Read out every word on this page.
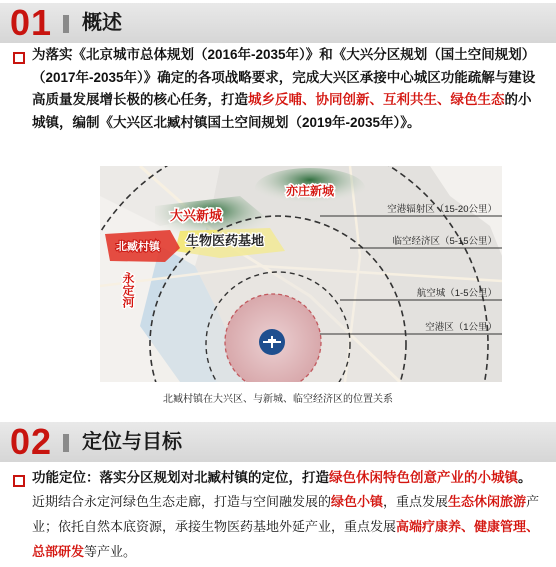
01 概述
为落实《北京城市总体规划（2016年-2035年）》和《大兴分区规划（国土空间规划）（2017年-2035年）》确定的各项战略要求，完成大兴区承接中心城区功能疏解与建设高质量发展增长极的核心任务，打造城乡反哺、协同创新、互利共生、绿色生态的小城镇，编制《大兴区北臧村镇国土空间规划（2019年-2035年）》。
亦庄新城
大兴新城
生物医药基地
北臧村镇
永定河
空港辐射区（15-20公里）
临空经济区（5-15公里）
航空城（1-5公里）
空港区（1公里）
北臧村镇在大兴区、与新城、临空经济区的位置关系
02 定位与目标
功能定位：落实分区规划对北臧村镇的定位，打造绿色休闲特色创意产业的小城镇。近期结合永定河绿色生态走廊，打造与空间融发展的绿色小镇，重点发展生态休闲旅游产业；依托自然本底资源，承接生物医药基地外延产业，重点发展高端疗康养、健康管理、总部研发等产业。
